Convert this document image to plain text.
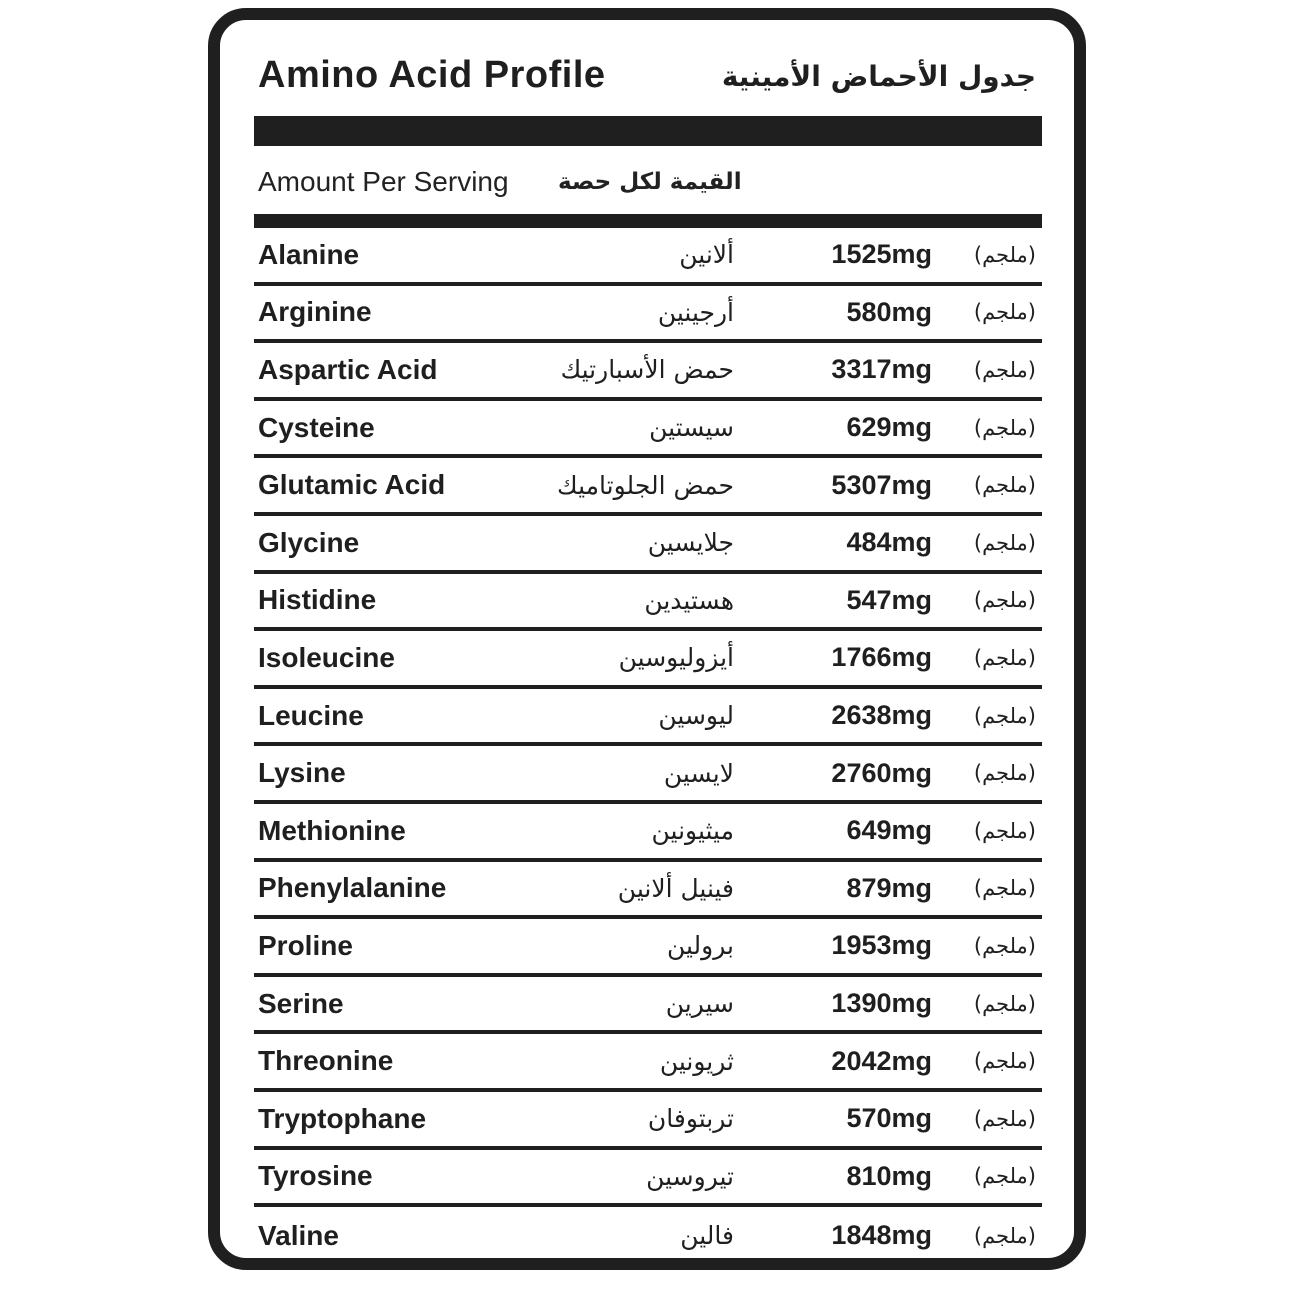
Amino Acid Profile	جدول الأحماض الأمينية
Amount Per Serving القيمة لكل حصة
Alanine	ألانين	1525mg (ملجم)
Arginine	أرجينين	580mg (ملجم)
Aspartic Acid	حمض الأسبارتيك	3317mg (ملجم)
Cysteine	سيستين	629mg (ملجم)
Glutamic Acid	حمض الجلوتاميك	5307mg (ملجم)
Glycine	جلايسين	484mg (ملجم)
Histidine	هستيدين	547mg (ملجم)
Isoleucine	أيزوليوسين	1766mg (ملجم)
Leucine	ليوسين	2638mg (ملجم)
Lysine	لايسين	2760mg (ملجم)
Methionine	ميثيونين	649mg (ملجم)
Phenylalanine	فينيل ألانين	879mg (ملجم)
Proline	برولين	1953mg (ملجم)
Serine	سيرين	1390mg (ملجم)
Threonine	ثريونين	2042mg (ملجم)
Tryptophane	تربتوفان	570mg (ملجم)
Tyrosine	تيروسين	810mg (ملجم)
Valine	فالين	1848mg (ملجم)
